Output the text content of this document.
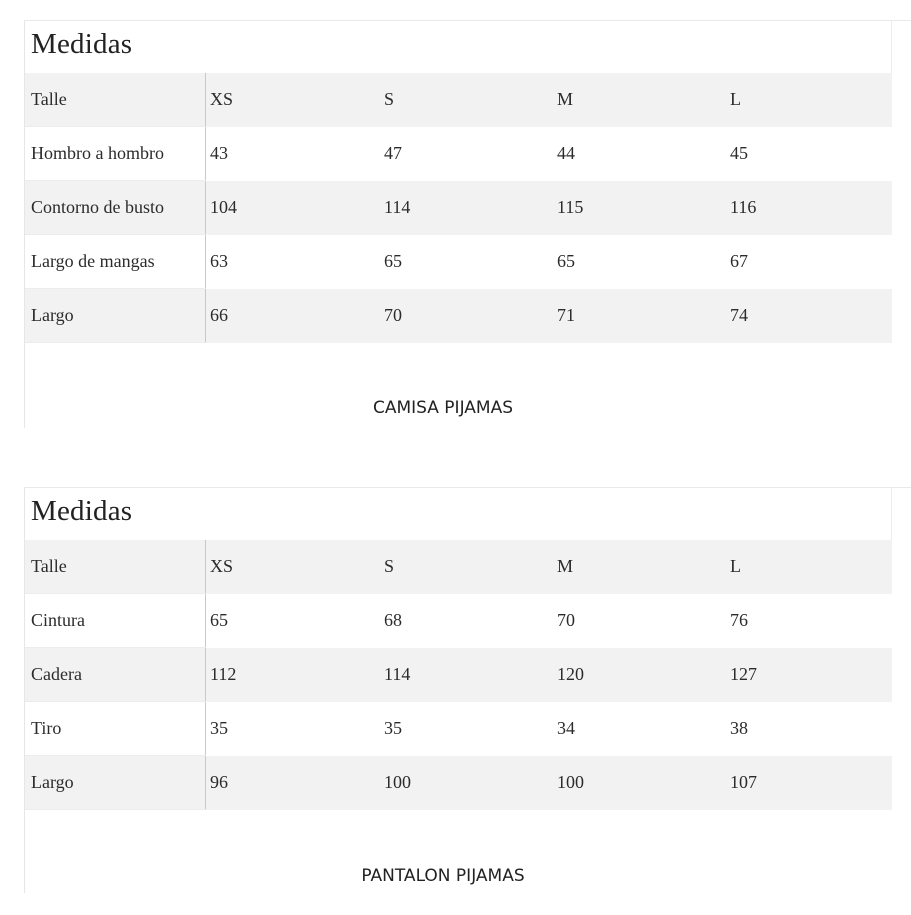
Medidas
Talle	XS	S	M	L
Hombro a hombro	43	47	44	45
Contorno de busto	104	114	115	116
Largo de mangas	63	65	65	67
Largo	66	70	71	74
CAMISA PIJAMAS
Medidas
Talle	XS	S	M	L
Cintura	65	68	70	76
Cadera	112	114	120	127
Tiro	35	35	34	38
Largo	96	100	100	107
PANTALON PIJAMAS
